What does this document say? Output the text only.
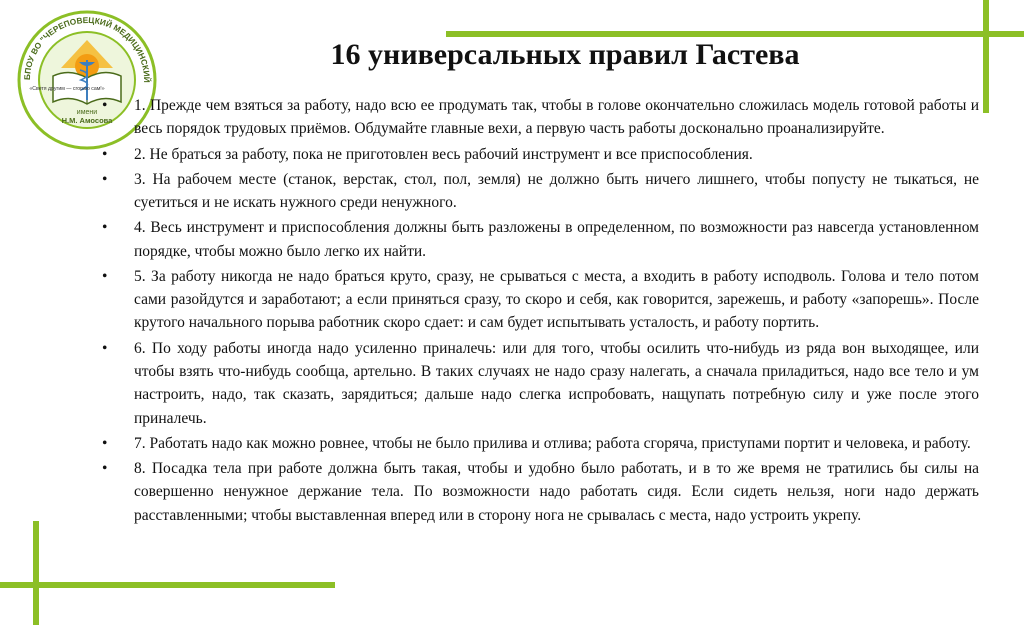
БПОУ ВО "ЧЕРЕПОВЕЦКИЙ МЕДИЦИНСКИЙ
«Светя другим — сгораю сам!»
имени
Н.М. Амосова
16 универсальных правил Гастева
•	1. Прежде чем взяться за работу, надо всю ее продумать так, чтобы в голове окончательно сложилась модель готовой работы и весь порядок трудовых приёмов. Обдумайте главные вехи, а первую часть работы досконально проанализируйте.
•	2. Не браться за работу, пока не приготовлен весь рабочий инструмент и все приспособления.
•	3. На рабочем месте (станок, верстак, стол, пол, земля) не должно быть ничего лишнего, чтобы попусту не тыкаться, не суетиться и не искать нужного среди ненужного.
•	4. Весь инструмент и приспособления должны быть разложены в определенном, по возможности раз навсегда установленном порядке, чтобы можно было легко их найти.
•	5. За работу никогда не надо браться круто, сразу, не срываться с места, а входить в работу исподволь. Голова и тело потом сами разойдутся и заработают; а если приняться сразу, то скоро и себя, как говорится, зарежешь, и работу «запорешь». После крутого начального порыва работник скоро сдает: и сам будет испытывать усталость, и работу портить.
•	6. По ходу работы иногда надо усиленно приналечь: или для того, чтобы осилить что-нибудь из ряда вон выходящее, или чтобы взять что-нибудь сообща, артельно. В таких случаях не надо сразу налегать, а сначала приладиться, надо все тело и ум настроить, надо, так сказать, зарядиться; дальше надо слегка испробовать, нащупать потребную силу и уже после этого приналечь.
•	7. Работать надо как можно ровнее, чтобы не было прилива и отлива; работа сгоряча, приступами портит и человека, и работу.
•	8. Посадка тела при работе должна быть такая, чтобы и удобно было работать, и в то же время не тратились бы силы на совершенно ненужное держание тела. По возможности надо работать сидя. Если сидеть нельзя, ноги надо держать расставленными; чтобы выставленная вперед или в сторону нога не срывалась с места, надо устроить укрепу.
